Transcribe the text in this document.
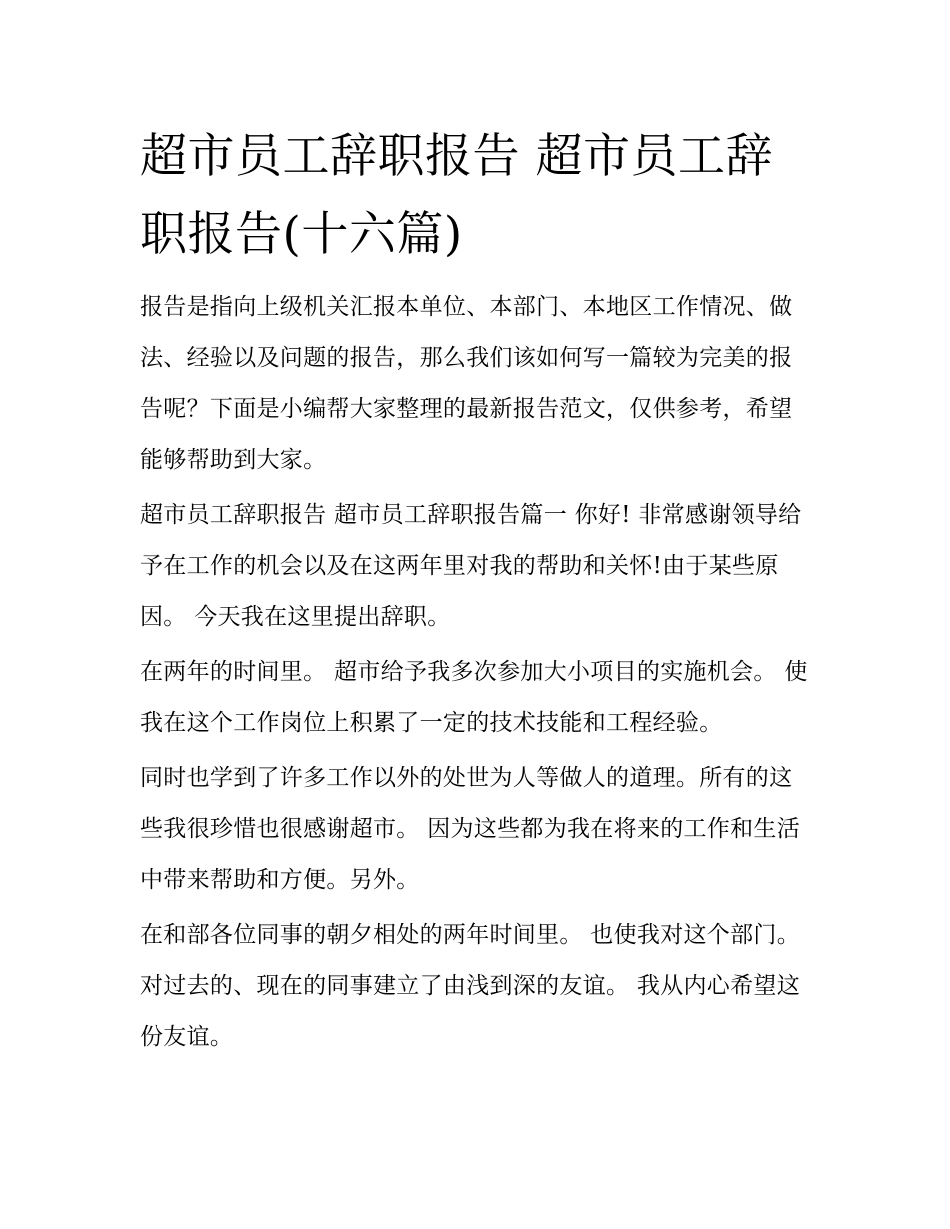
超市员工辞职报告 超市员工辞职报告(十六篇)

报告是指向上级机关汇报本单位、本部门、本地区工作情况、做法、经验以及问题的报告，那么我们该如何写一篇较为完美的报告呢？下面是小编帮大家整理的最新报告范文，仅供参考，希望能够帮助到大家。

超市员工辞职报告 超市员工辞职报告篇一 你好! 非常感谢领导给予在工作的机会以及在这两年里对我的帮助和关怀!由于某些原因。 今天我在这里提出辞职。

在两年的时间里。 超市给予我多次参加大小项目的实施机会。 使我在这个工作岗位上积累了一定的技术技能和工程经验。

同时也学到了许多工作以外的处世为人等做人的道理。所有的这些我很珍惜也很感谢超市。 因为这些都为我在将来的工作和生活中带来帮助和方便。另外。

在和部各位同事的朝夕相处的两年时间里。 也使我对这个部门。 对过去的、现在的同事建立了由浅到深的友谊。 我从内心希望这份友谊。
